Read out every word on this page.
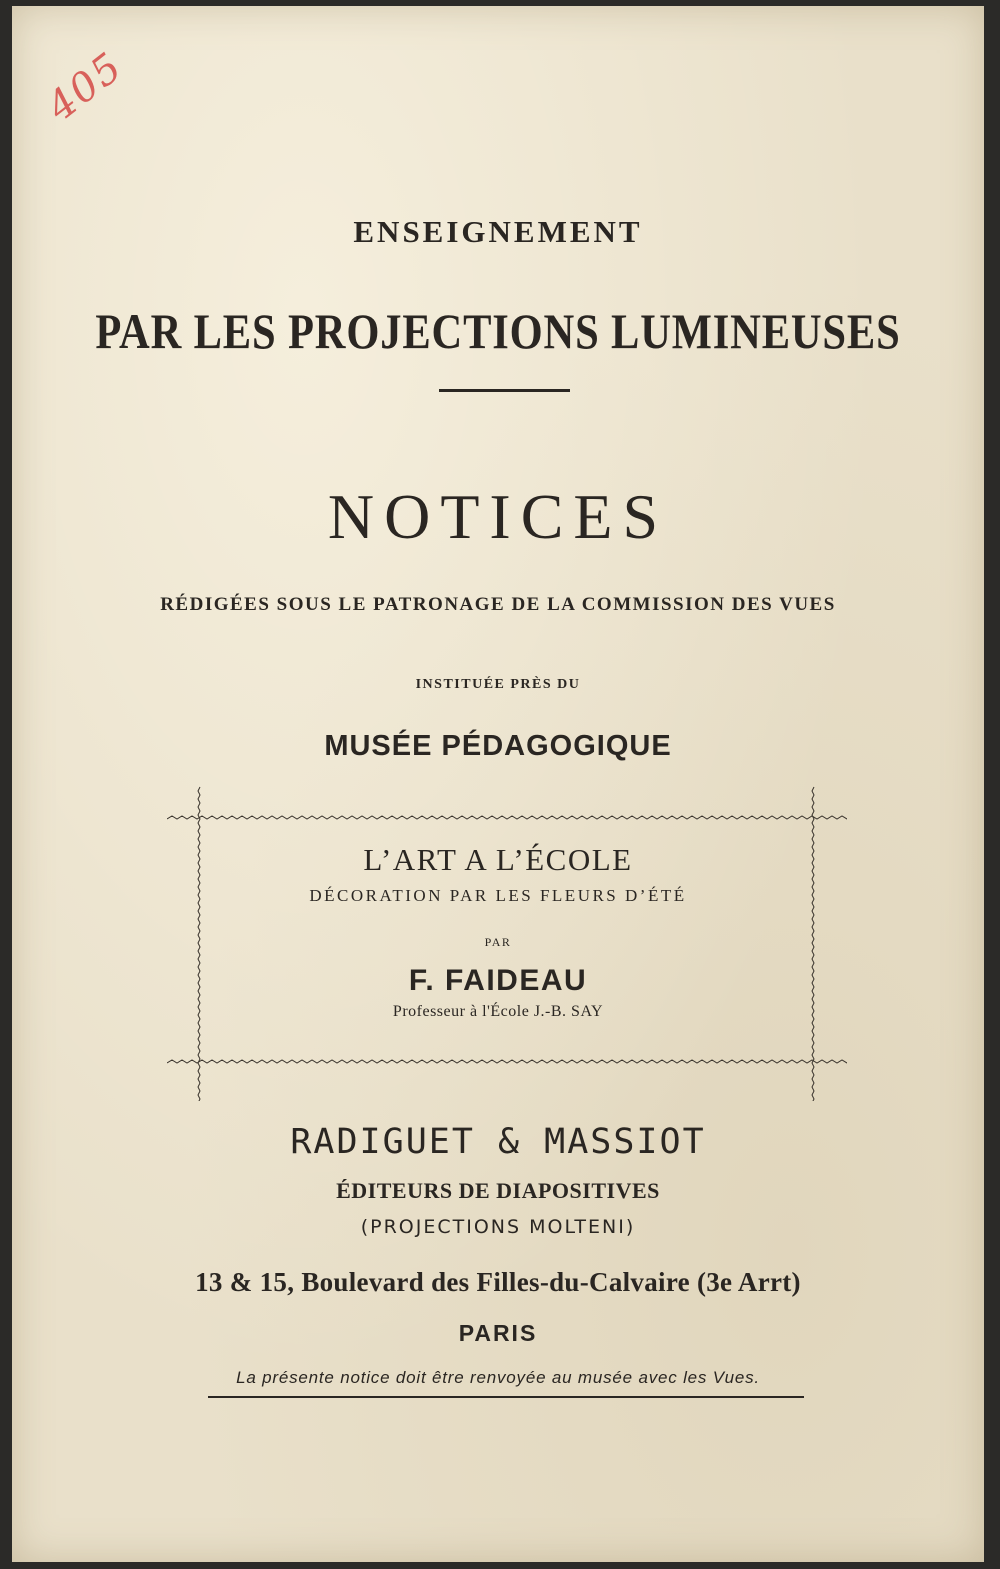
405
ENSEIGNEMENT
PAR LES PROJECTIONS LUMINEUSES
NOTICES
RÉDIGÉES SOUS LE PATRONAGE DE LA COMMISSION DES VUES
INSTITUÉE PRÈS DU
MUSÉE PÉDAGOGIQUE
L’ART A L’ÉCOLE
DÉCORATION PAR LES FLEURS D’ÉTÉ
PAR
F. FAIDEAU
Professeur à l'École J.-B. SAY
RADIGUET & MASSIOT
ÉDITEURS DE DIAPOSITIVES
(PROJECTIONS MOLTENI)
13 & 15, Boulevard des Filles-du-Calvaire (3e Arrt)
PARIS
La présente notice doit être renvoyée au musée avec les Vues.
